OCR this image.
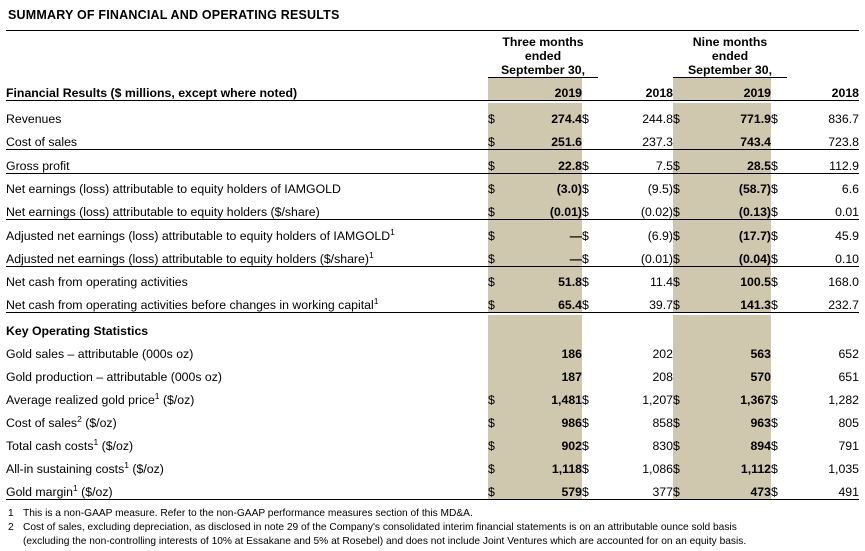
SUMMARY OF FINANCIAL AND OPERATING RESULTS

	Three months ended
September 30,				Nine months ended
September 30,			
Financial Results ($ millions, except where noted)		2019		2018		2019		2018

Revenues	$	274.4	$	244.8	$	771.9	$	836.7
Cost of sales	$	251.6		237.3		743.4		723.8

Gross profit	$	22.8	$	7.5	$	28.5	$	112.9

Net earnings (loss) attributable to equity holders of IAMGOLD	$	(3.0)	$	(9.5)	$	(58.7)	$	6.6
Net earnings (loss) attributable to equity holders ($/share)	$	(0.01)	$	(0.02)	$	(0.13)	$	0.01

Adjusted net earnings (loss) attributable to equity holders of IAMGOLD$^1$	$	—	$	(6.9)	$	(17.7)	$	45.9
Adjusted net earnings (loss) attributable to equity holders ($/share)$^1$	$	—	$	(0.01)	$	(0.04)	$	0.10

Net cash from operating activities	$	51.8	$	11.4	$	100.5	$	168.0
Net cash from operating activities before changes in working capital$^1$	$	65.4	$	39.7	$	141.3	$	232.7

Key Operating Statistics								
Gold sales – attributable (000s oz)		186		202		563		652
Gold production – attributable (000s oz)		187		208		570		651
Average realized gold price$^1$ ($/oz)	$	1,481	$	1,207	$	1,367	$	1,282
Cost of sales$^2$ ($/oz)	$	986	$	858	$	963	$	805
Total cash costs$^1$ ($/oz)	$	902	$	830	$	894	$	791
All-in sustaining costs$^1$ ($/oz)	$	1,118	$	1,086	$	1,112	$	1,035
Gold margin$^1$ ($/oz)	$	579	$	377	$	473	$	491

1 This is a non-GAAP measure. Refer to the non-GAAP performance measures section of this MD&A.
2 Cost of sales, excluding depreciation, as disclosed in note 29 of the Company's consolidated interim financial statements is on an attributable ounce sold basis
(excluding the non-controlling interests of 10% at Essakane and 5% at Rosebel) and does not include Joint Ventures which are accounted for on an equity basis.
